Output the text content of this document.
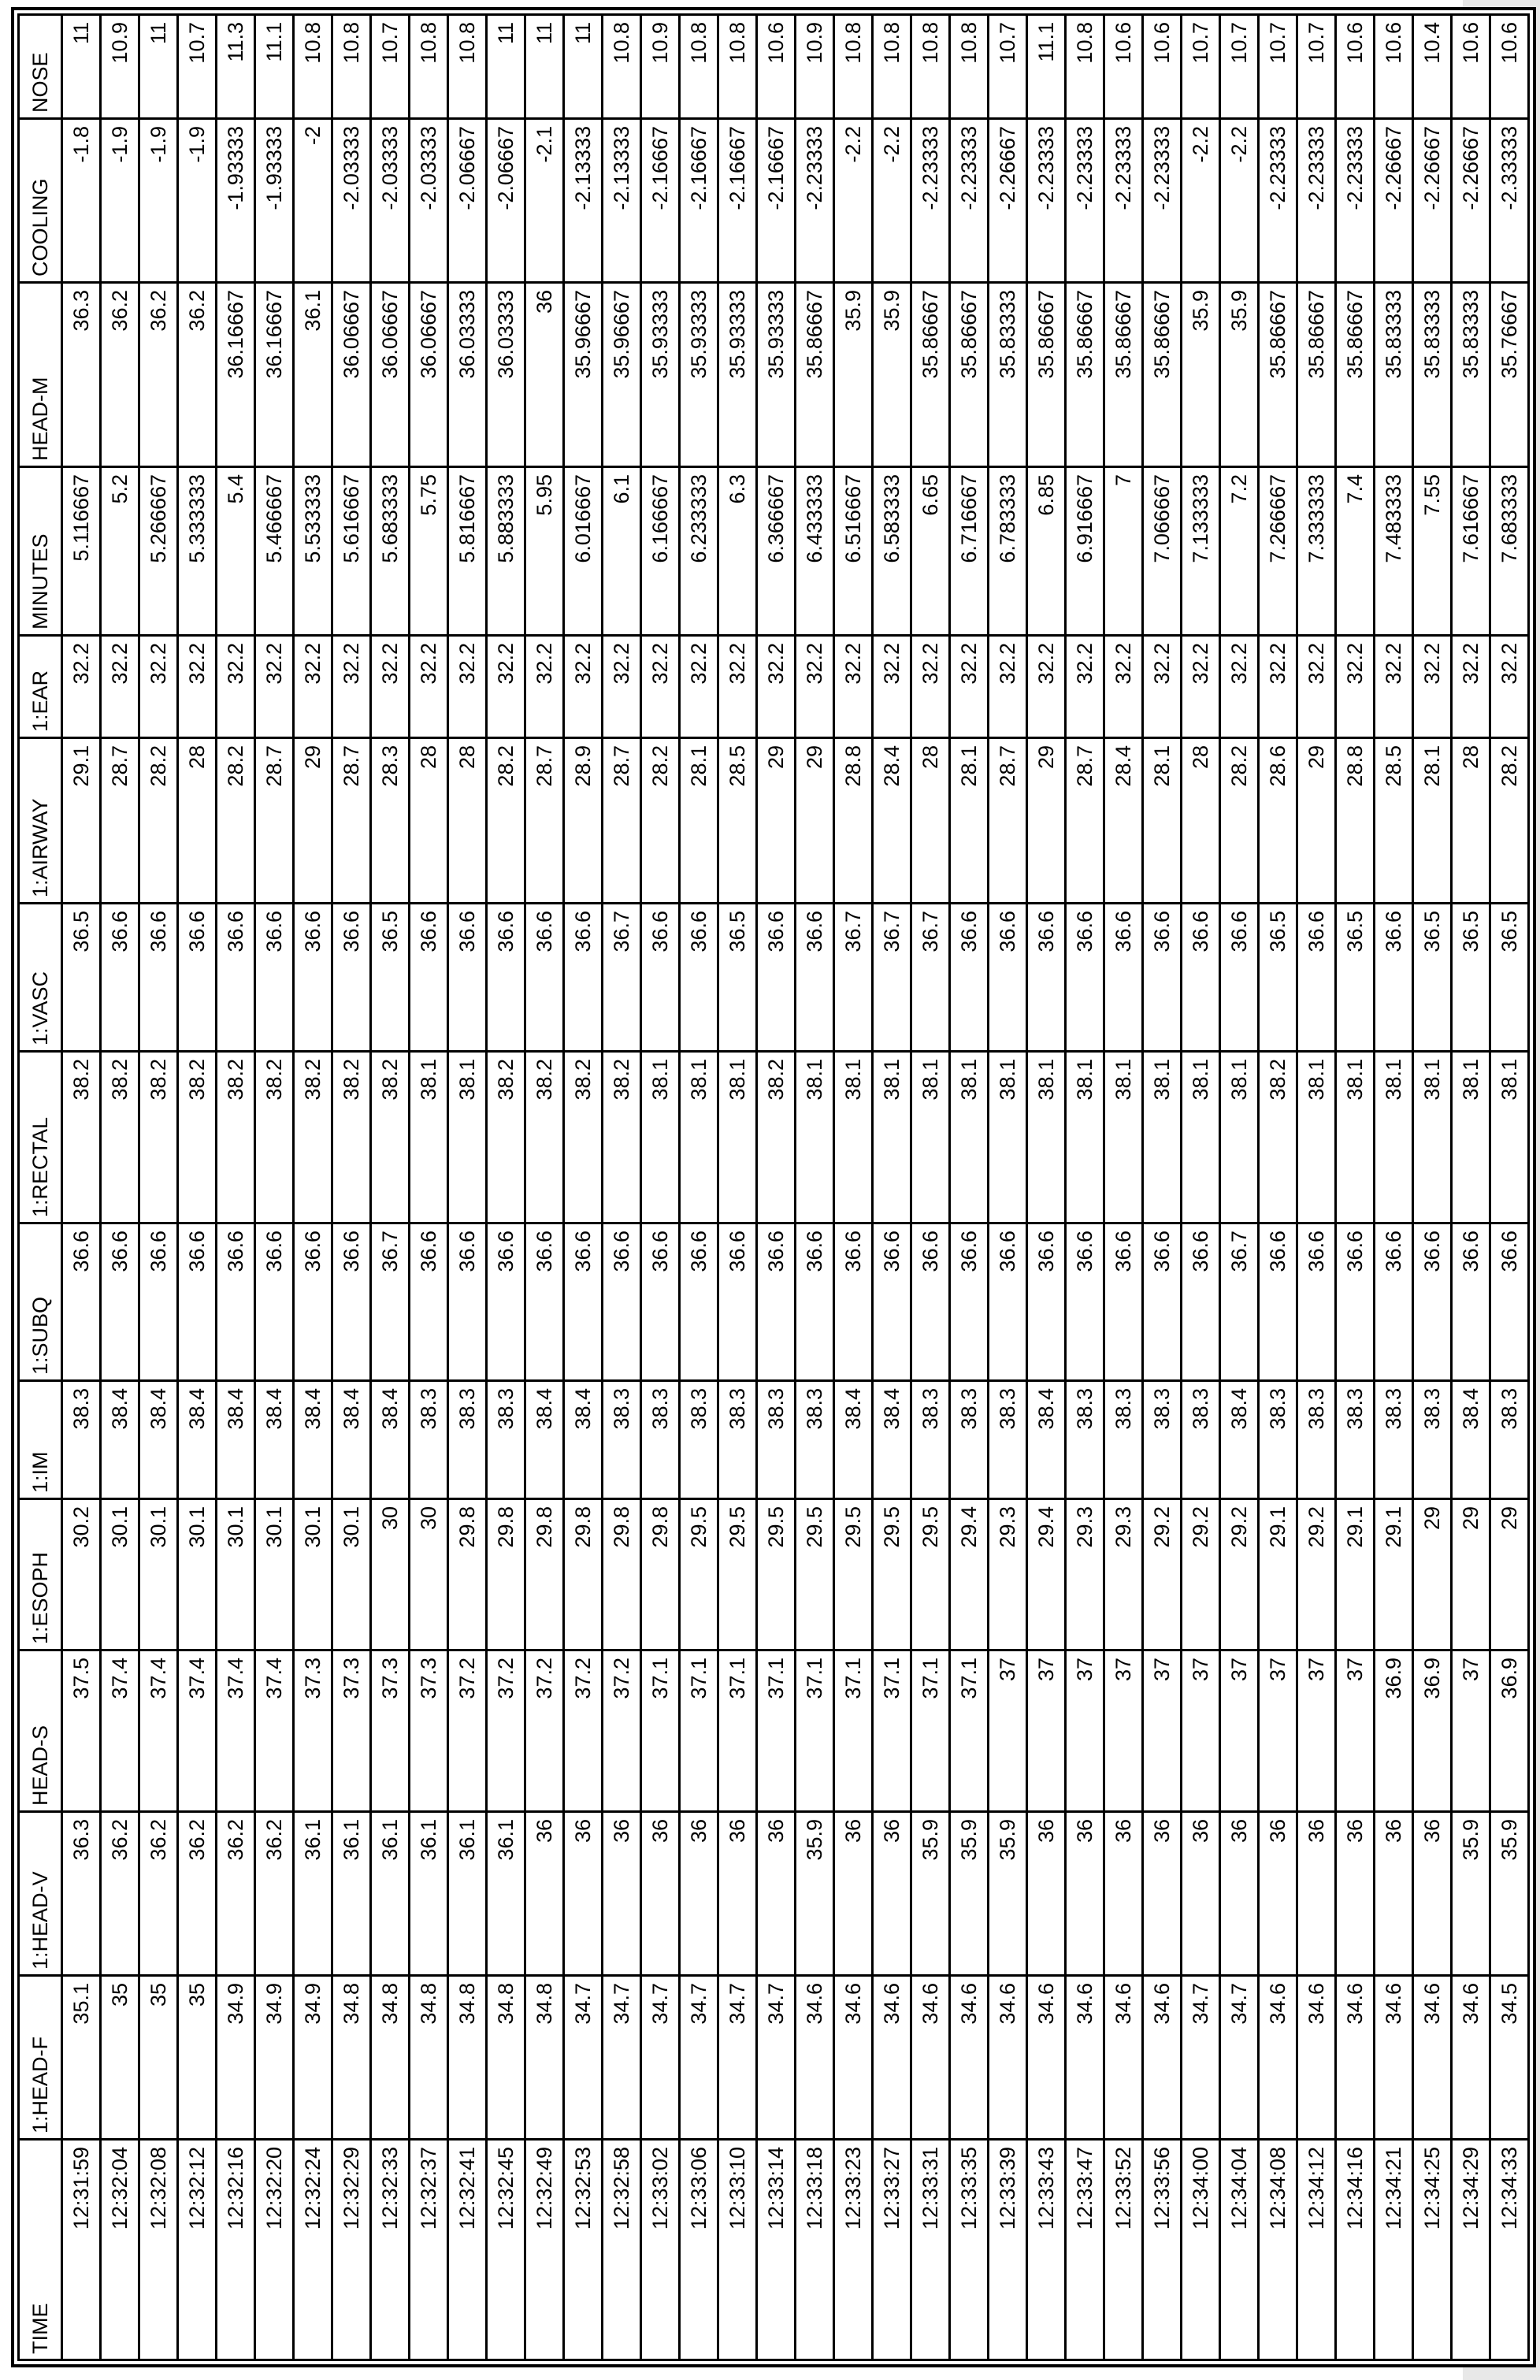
TIME	1:HEAD-F	1:HEAD-V	HEAD-S	1:ESOPH	1:IM	1:SUBQ	1:RECTAL	1:VASC	1:AIRWAY	1:EAR	MINUTES	HEAD-M	COOLING	NOSE
12:31:59	35.1	36.3	37.5	30.2	38.3	36.6	38.2	36.5	29.1	32.2	5.116667	36.3	-1.8	11
12:32:04	35	36.2	37.4	30.1	38.4	36.6	38.2	36.6	28.7	32.2	5.2	36.2	-1.9	10.9
12:32:08	35	36.2	37.4	30.1	38.4	36.6	38.2	36.6	28.2	32.2	5.266667	36.2	-1.9	11
12:32:12	35	36.2	37.4	30.1	38.4	36.6	38.2	36.6	28	32.2	5.333333	36.2	-1.9	10.7
12:32:16	34.9	36.2	37.4	30.1	38.4	36.6	38.2	36.6	28.2	32.2	5.4	36.16667	-1.93333	11.3
12:32:20	34.9	36.2	37.4	30.1	38.4	36.6	38.2	36.6	28.7	32.2	5.466667	36.16667	-1.93333	11.1
12:32:24	34.9	36.1	37.3	30.1	38.4	36.6	38.2	36.6	29	32.2	5.533333	36.1	-2	10.8
12:32:29	34.8	36.1	37.3	30.1	38.4	36.6	38.2	36.6	28.7	32.2	5.616667	36.06667	-2.03333	10.8
12:32:33	34.8	36.1	37.3	30	38.4	36.7	38.2	36.5	28.3	32.2	5.683333	36.06667	-2.03333	10.7
12:32:37	34.8	36.1	37.3	30	38.3	36.6	38.1	36.6	28	32.2	5.75	36.06667	-2.03333	10.8
12:32:41	34.8	36.1	37.2	29.8	38.3	36.6	38.1	36.6	28	32.2	5.816667	36.03333	-2.06667	10.8
12:32:45	34.8	36.1	37.2	29.8	38.3	36.6	38.2	36.6	28.2	32.2	5.883333	36.03333	-2.06667	11
12:32:49	34.8	36	37.2	29.8	38.4	36.6	38.2	36.6	28.7	32.2	5.95	36	-2.1	11
12:32:53	34.7	36	37.2	29.8	38.4	36.6	38.2	36.6	28.9	32.2	6.016667	35.96667	-2.13333	11
12:32:58	34.7	36	37.2	29.8	38.3	36.6	38.2	36.7	28.7	32.2	6.1	35.96667	-2.13333	10.8
12:33:02	34.7	36	37.1	29.8	38.3	36.6	38.1	36.6	28.2	32.2	6.166667	35.93333	-2.16667	10.9
12:33:06	34.7	36	37.1	29.5	38.3	36.6	38.1	36.6	28.1	32.2	6.233333	35.93333	-2.16667	10.8
12:33:10	34.7	36	37.1	29.5	38.3	36.6	38.1	36.5	28.5	32.2	6.3	35.93333	-2.16667	10.8
12:33:14	34.7	36	37.1	29.5	38.3	36.6	38.2	36.6	29	32.2	6.366667	35.93333	-2.16667	10.6
12:33:18	34.6	35.9	37.1	29.5	38.3	36.6	38.1	36.6	29	32.2	6.433333	35.86667	-2.23333	10.9
12:33:23	34.6	36	37.1	29.5	38.4	36.6	38.1	36.7	28.8	32.2	6.516667	35.9	-2.2	10.8
12:33:27	34.6	36	37.1	29.5	38.4	36.6	38.1	36.7	28.4	32.2	6.583333	35.9	-2.2	10.8
12:33:31	34.6	35.9	37.1	29.5	38.3	36.6	38.1	36.7	28	32.2	6.65	35.86667	-2.23333	10.8
12:33:35	34.6	35.9	37.1	29.4	38.3	36.6	38.1	36.6	28.1	32.2	6.716667	35.86667	-2.23333	10.8
12:33:39	34.6	35.9	37	29.3	38.3	36.6	38.1	36.6	28.7	32.2	6.783333	35.83333	-2.26667	10.7
12:33:43	34.6	36	37	29.4	38.4	36.6	38.1	36.6	29	32.2	6.85	35.86667	-2.23333	11.1
12:33:47	34.6	36	37	29.3	38.3	36.6	38.1	36.6	28.7	32.2	6.916667	35.86667	-2.23333	10.8
12:33:52	34.6	36	37	29.3	38.3	36.6	38.1	36.6	28.4	32.2	7	35.86667	-2.23333	10.6
12:33:56	34.6	36	37	29.2	38.3	36.6	38.1	36.6	28.1	32.2	7.066667	35.86667	-2.23333	10.6
12:34:00	34.7	36	37	29.2	38.3	36.6	38.1	36.6	28	32.2	7.133333	35.9	-2.2	10.7
12:34:04	34.7	36	37	29.2	38.4	36.7	38.1	36.6	28.2	32.2	7.2	35.9	-2.2	10.7
12:34:08	34.6	36	37	29.1	38.3	36.6	38.2	36.5	28.6	32.2	7.266667	35.86667	-2.23333	10.7
12:34:12	34.6	36	37	29.2	38.3	36.6	38.1	36.6	29	32.2	7.333333	35.86667	-2.23333	10.7
12:34:16	34.6	36	37	29.1	38.3	36.6	38.1	36.5	28.8	32.2	7.4	35.86667	-2.23333	10.6
12:34:21	34.6	36	36.9	29.1	38.3	36.6	38.1	36.6	28.5	32.2	7.483333	35.83333	-2.26667	10.6
12:34:25	34.6	36	36.9	29	38.3	36.6	38.1	36.5	28.1	32.2	7.55	35.83333	-2.26667	10.4
12:34:29	34.6	35.9	37	29	38.4	36.6	38.1	36.5	28	32.2	7.616667	35.83333	-2.26667	10.6
12:34:33	34.5	35.9	36.9	29	38.3	36.6	38.1	36.5	28.2	32.2	7.683333	35.76667	-2.33333	10.6
